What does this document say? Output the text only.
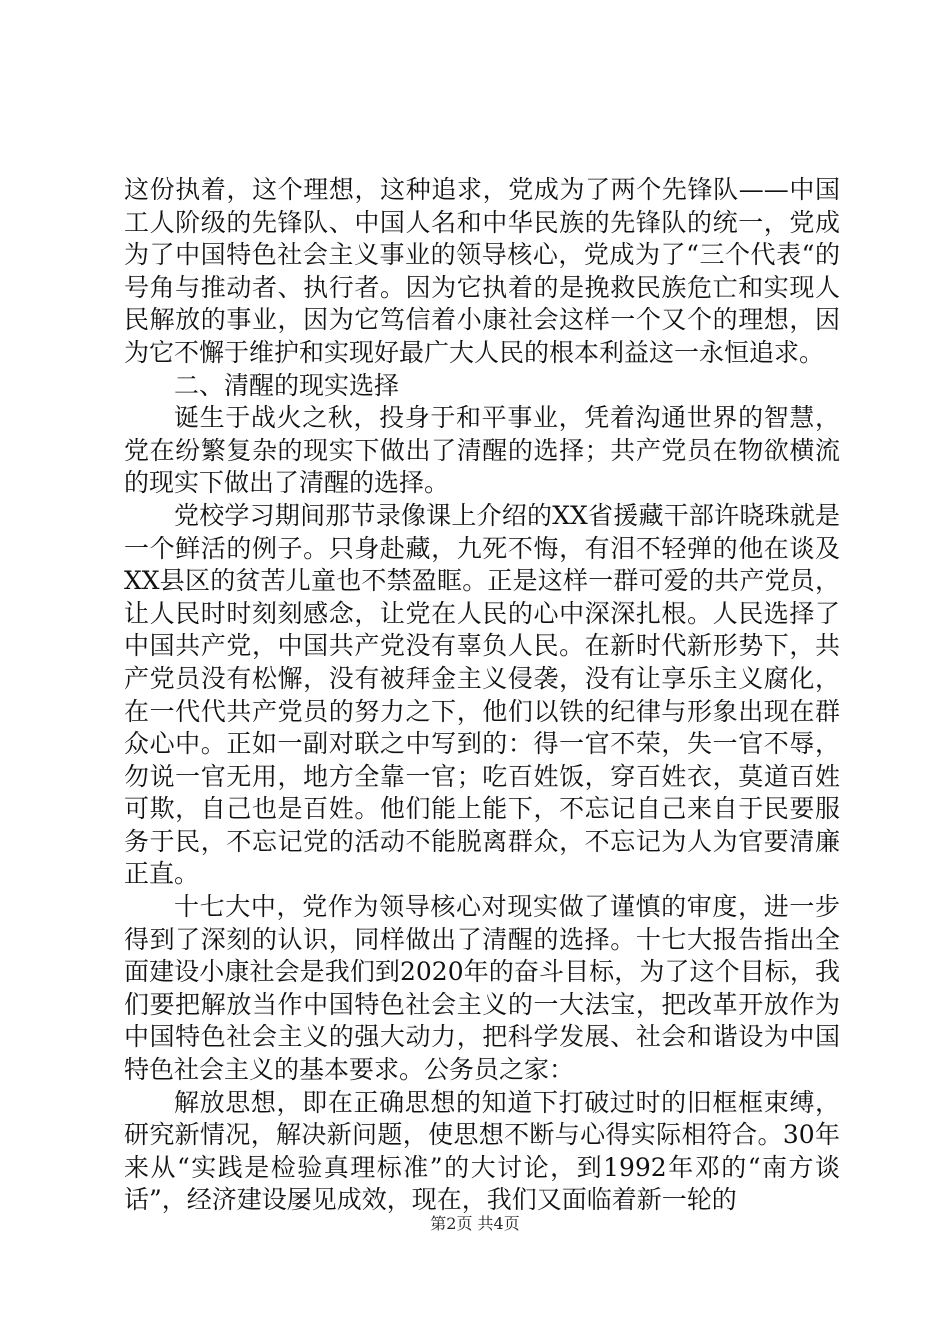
这份执着，这个理想，这种追求，党成为了两个先锋队——中国工人阶级的先锋队、中国人名和中华民族的先锋队的统一，党成为了中国特色社会主义事业的领导核心，党成为了“三个代表“的号角与推动者、执行者。因为它执着的是挽救民族危亡和实现人民解放的事业，因为它笃信着小康社会这样一个又个的理想，因为它不懈于维护和实现好最广大人民的根本利益这一永恒追求。

二、清醒的现实选择

诞生于战火之秋，投身于和平事业，凭着沟通世界的智慧，党在纷繁复杂的现实下做出了清醒的选择；共产党员在物欲横流的现实下做出了清醒的选择。

党校学习期间那节录像课上介绍的XX省援藏干部许晓珠就是一个鲜活的例子。只身赴藏，九死不悔，有泪不轻弹的他在谈及XX县区的贫苦儿童也不禁盈眶。正是这样一群可爱的共产党员，让人民时时刻刻感念，让党在人民的心中深深扎根。人民选择了中国共产党，中国共产党没有辜负人民。在新时代新形势下，共产党员没有松懈，没有被拜金主义侵袭，没有让享乐主义腐化，在一代代共产党员的努力之下，他们以铁的纪律与形象出现在群众心中。正如一副对联之中写到的：得一官不荣，失一官不辱，勿说一官无用，地方全靠一官；吃百姓饭，穿百姓衣，莫道百姓可欺，自己也是百姓。他们能上能下，不忘记自己来自于民要服务于民，不忘记党的活动不能脱离群众，不忘记为人为官要清廉正直。

十七大中，党作为领导核心对现实做了谨慎的审度，进一步得到了深刻的认识，同样做出了清醒的选择。十七大报告指出全面建设小康社会是我们到2020年的奋斗目标，为了这个目标，我们要把解放当作中国特色社会主义的一大法宝，把改革开放作为中国特色社会主义的强大动力，把科学发展、社会和谐设为中国特色社会主义的基本要求。公务员之家：

解放思想，即在正确思想的知道下打破过时的旧框框束缚，研究新情况，解决新问题，使思想不断与心得实际相符合。30年来从“实践是检验真理标准”的大讨论，到1992年邓的“南方谈话”，经济建设屡见成效，现在，我们又面临着新一轮的

第2页 共4页
